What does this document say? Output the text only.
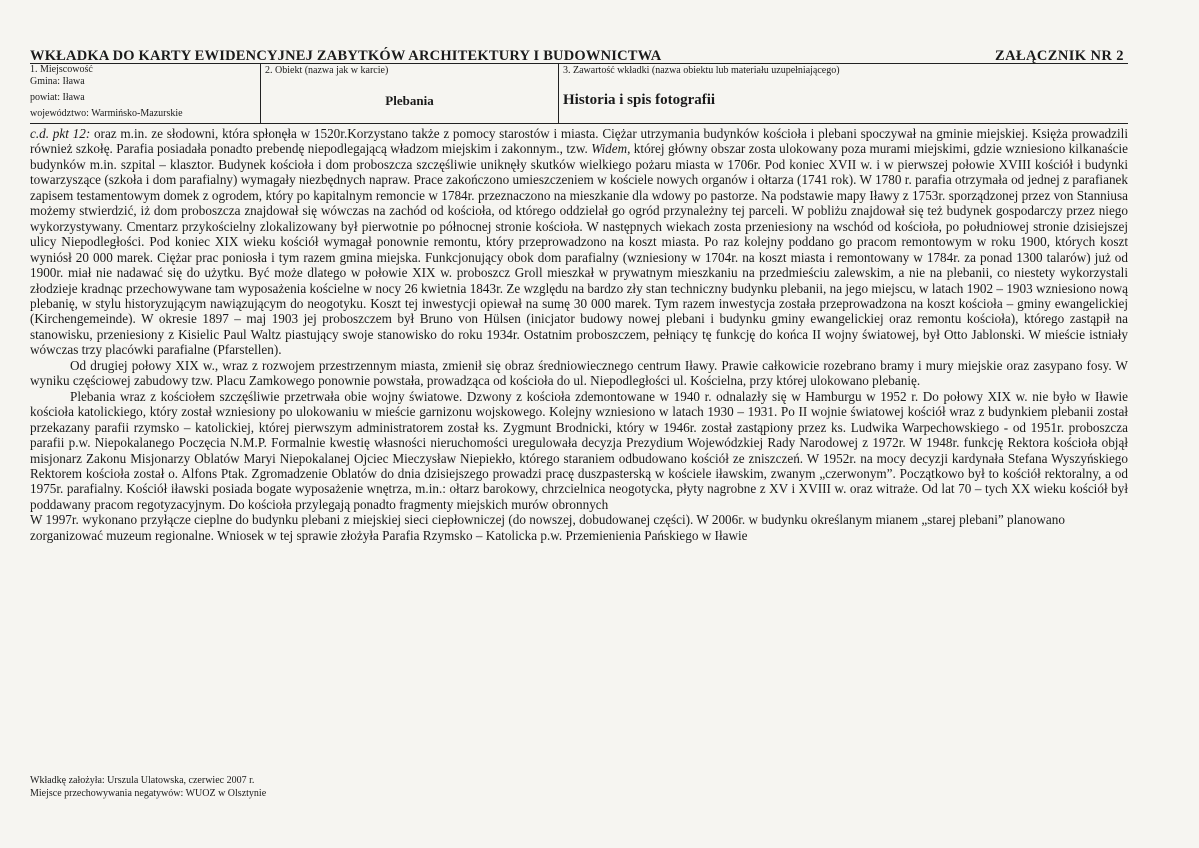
WKŁADKA DO KARTY EWIDENCYJNEJ ZABYTKÓW ARCHITEKTURY I BUDOWNICTWA	ZAŁĄCZNIK NR 2
1. Miejscowość
Gmina: Iława
powiat: Iława
województwo: Warmińsko-Mazurskie
2. Obiekt (nazwa jak w karcie)
Plebania
3. Zawartość wkładki (nazwa obiektu lub materiału uzupełniającego)
Historia i spis fotografii

c.d. pkt 12: oraz m.in. ze słodowni, która spłonęła w 1520r.Korzystano także z pomocy starostów i miasta. Ciężar utrzymania budynków kościoła i plebani spoczywał na gminie miejskiej. Księża prowadzili również szkołę. Parafia posiadała ponadto prebendę niepodlegającą władzom miejskim i zakonnym., tzw. Widem, której główny obszar zosta ulokowany poza murami miejskimi, gdzie wzniesiono kilkanaście budynków m.in. szpital – klasztor. Budynek kościoła i dom proboszcza szczęśliwie uniknęły skutków wielkiego pożaru miasta w 1706r. Pod koniec XVII w. i w pierwszej połowie XVIII kościół i budynki towarzyszące (szkoła i dom parafialny) wymagały niezbędnych napraw. Prace zakończono umieszczeniem w kościele nowych organów i ołtarza (1741 rok). W 1780 r. parafia otrzymała od jednej z parafianek zapisem testamentowym domek z ogrodem, który po kapitalnym remoncie w 1784r. przeznaczono na mieszkanie dla wdowy po pastorze. Na podstawie mapy Iławy z 1753r. sporządzonej przez von Stanniusa możemy stwierdzić, iż dom proboszcza znajdował się wówczas na zachód od kościoła, od którego oddzielał go ogród przynależny tej parceli. W pobliżu znajdował się też budynek gospodarczy przez niego wykorzystywany. Cmentarz przykościelny zlokalizowany był pierwotnie po północnej stronie kościoła. W następnych wiekach zosta przeniesiony na wschód od kościoła, po południowej stronie dzisiejszej ulicy Niepodległości. Pod koniec XIX wieku kościół wymagał ponownie remontu, który przeprowadzono na koszt miasta. Po raz kolejny poddano go pracom remontowym w roku 1900, których koszt wyniósł 20 000 marek. Ciężar prac poniosła i tym razem gmina miejska. Funkcjonujący obok dom parafialny (wzniesiony w 1704r. na koszt miasta i remontowany w 1784r. za ponad 1300 talarów) już od 1900r. miał nie nadawać się do użytku. Być może dlatego w połowie XIX w. proboszcz Groll mieszkał w prywatnym mieszkaniu na przedmieściu zalewskim, a nie na plebanii, co niestety wykorzystali złodzieje kradnąc przechowywane tam wyposażenia kościelne w nocy 26 kwietnia 1843r. Ze względu na bardzo zły stan techniczny budynku plebanii, na jego miejscu, w latach 1902 – 1903 wzniesiono nową plebanię, w stylu historyzującym nawiązującym do neogotyku. Koszt tej inwestycji opiewał na sumę 30 000 marek. Tym razem inwestycja została przeprowadzona na koszt kościoła – gminy ewangelickiej (Kirchengemeinde). W okresie 1897 – maj 1903 jej proboszczem był Bruno von Hülsen (inicjator budowy nowej plebani i budynku gminy ewangelickiej oraz remontu kościoła), którego zastąpił na stanowisku, przeniesiony z Kisielic Paul Waltz piastujący swoje stanowisko do roku 1934r. Ostatnim proboszczem, pełniący tę funkcję do końca II wojny światowej, był Otto Jablonski. W mieście istniały wówczas trzy placówki parafialne (Pfarstellen).

Od drugiej połowy XIX w., wraz z rozwojem przestrzennym miasta, zmienił się obraz średniowiecznego centrum Iławy. Prawie całkowicie rozebrano bramy i mury miejskie oraz zasypano fosy. W wyniku częściowej zabudowy tzw. Placu Zamkowego ponownie powstała, prowadząca od kościoła do ul. Niepodległości ul. Kościelna, przy której ulokowano plebanię.

Plebania wraz z kościołem szczęśliwie przetrwała obie wojny światowe. Dzwony z kościoła zdemontowane w 1940 r. odnalazły się w Hamburgu w 1952 r. Do połowy XIX w. nie było w Iławie kościoła katolickiego, który został wzniesiony po ulokowaniu w mieście garnizonu wojskowego. Kolejny wzniesiono w latach 1930 – 1931. Po II wojnie światowej kościół wraz z budynkiem plebanii został przekazany parafii rzymsko – katolickiej, której pierwszym administratorem został ks. Zygmunt Brodnicki, który w 1946r. został zastąpiony przez ks. Ludwika Warpechowskiego - od 1951r. proboszcza parafii p.w. Niepokalanego Poczęcia N.M.P. Formalnie kwestię własności nieruchomości uregulowała decyzja Prezydium Wojewódzkiej Rady Narodowej z 1972r. W 1948r. funkcję Rektora kościoła objął misjonarz Zakonu Misjonarzy Oblatów Maryi Niepokalanej Ojciec Mieczysław Niepiekło, którego staraniem odbudowano kościół ze zniszczeń. W 1952r. na mocy decyzji kardynała Stefana Wyszyńskiego Rektorem kościoła został o. Alfons Ptak. Zgromadzenie Oblatów do dnia dzisiejszego prowadzi pracę duszpasterską w kościele iławskim, zwanym „czerwonym”. Początkowo był to kościół rektoralny, a od 1975r. parafialny. Kościół iławski posiada bogate wyposażenie wnętrza, m.in.: ołtarz barokowy, chrzcielnica neogotycka, płyty nagrobne z XV i XVIII w. oraz witraże. Od lat 70 – tych XX wieku kościół był poddawany pracom regotyzacyjnym. Do kościoła przylegają ponadto fragmenty miejskich murów obronnych

W 1997r. wykonano przyłącze cieplne do budynku plebani z miejskiej sieci ciepłowniczej (do nowszej, dobudowanej części). W 2006r. w budynku określanym mianem „starej plebani” planowano zorganizować muzeum regionalne. Wniosek w tej sprawie złożyła Parafia Rzymsko – Katolicka p.w. Przemienienia Pańskiego w Iławie

Wkładkę założyła: Urszula Ulatowska, czerwiec 2007 r.
Miejsce przechowywania negatywów: WUOZ w Olsztynie
